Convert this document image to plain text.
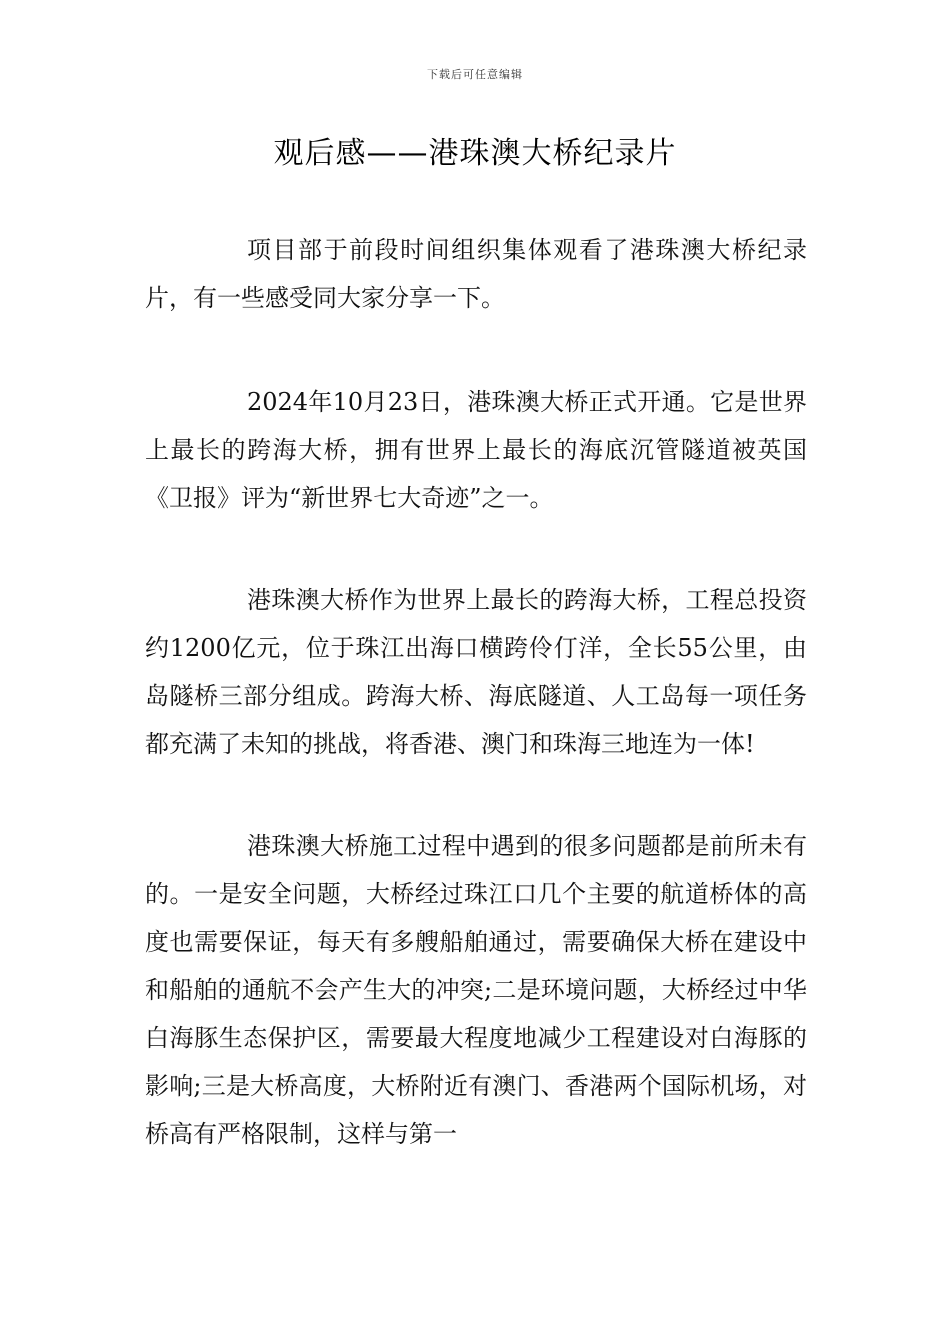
下载后可任意编辑
观后感——港珠澳大桥纪录片

项目部于前段时间组织集体观看了港珠澳大桥纪录片，有一些感受同大家分享一下。

2024年10月23日，港珠澳大桥正式开通。它是世界上最长的跨海大桥，拥有世界上最长的海底沉管隧道被英国《卫报》评为“新世界七大奇迹”之一。

港珠澳大桥作为世界上最长的跨海大桥，工程总投资约1200亿元，位于珠江出海口横跨伶仃洋，全长55公里，由岛隧桥三部分组成。跨海大桥、海底隧道、人工岛每一项任务都充满了未知的挑战，将香港、澳门和珠海三地连为一体!

港珠澳大桥施工过程中遇到的很多问题都是前所未有的。一是安全问题，大桥经过珠江口几个主要的航道桥体的高度也需要保证，每天有多艘船舶通过，需要确保大桥在建设中和船舶的通航不会产生大的冲突;二是环境问题，大桥经过中华白海豚生态保护区，需要最大程度地减少工程建设对白海豚的影响;三是大桥高度，大桥附近有澳门、香港两个国际机场，对桥高有严格限制，这样与第一
